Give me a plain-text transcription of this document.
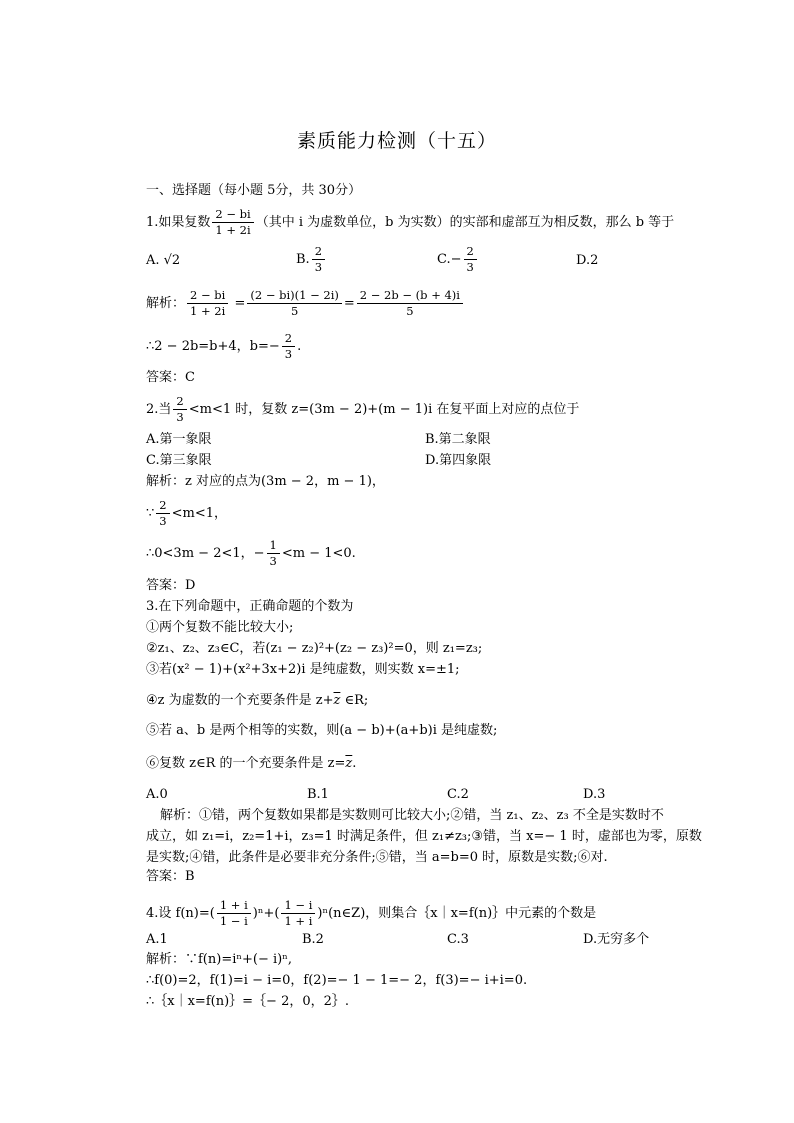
素质能力检测（十五）
一、选择题（每小题 5分，共 30分）
1.如果复数 $\frac{2 - bi}{1 + 2i}$ （其中 i 为虚数单位，b 为实数）的实部和虚部互为相反数，那么 b 等于
A. √2	B. $\frac{2}{3}$	$C.- \frac{2}{3}$	D.2
解析： $\frac{2 - bi}{1 + 2i} = \frac{(2 - bi)(1 - 2i)}{5} = \frac{2 - 2b - (b + 4)i}{5}$
∴2 − 2b=b+4，$b=- \frac{2}{3}$ .
答案：C
2.当 $\frac{2}{3} <m<1$ 时，复数 z=(3m − 2)+(m − 1)i 在复平面上对应的点位于
A.第一象限	B.第二象限
C.第三象限	D.第四象限
解析：z 对应的点为(3m − 2，m − 1)，
∵ $\frac{2}{3} <m<1$，
∴0<3m − 2<1，− $\frac{1}{3} <m - 1<0$.
答案：D
3.在下列命题中，正确命题的个数为
①两个复数不能比较大小;
②z₁、z₂、z₃∈C，若(z₁ − z₂)²+(z₂ − z₃)²=0，则 z₁=z₃;
③若(x² − 1)+(x²+3x+2)i 是纯虚数，则实数 x=±1;
④z 为虚数的一个充要条件是 $z+\overline{z}$ ∈R;
⑤若 a、b 是两个相等的实数，则(a − b)+(a+b)i 是纯虚数;
⑥复数 z∈R 的一个充要条件是 $z=\overline{z}$.
A.0	B.1	C.2	D.3
解析：①错，两个复数如果都是实数则可比较大小;②错，当 z₁、z₂、z₃ 不全是实数时不
成立，如 z₁=i，z₂=1+i，z₃=1 时满足条件，但 z₁≠z₃;③错，当 x=− 1 时，虚部也为零，原数
是实数;④错，此条件是必要非充分条件;⑤错，当 a=b=0 时，原数是实数;⑥对.
答案：B
4.设 $f(n)=( \frac{1 + i}{1 - i} )^n+( \frac{1 - i}{1 + i}$ )ⁿ(n∈Z)，则集合｛x｜x=f(n)｝中元素的个数是
A.1	B.2	C.3	D.无穷多个
解析：∵f(n)=iⁿ+(− i)ⁿ,
∴f(0)=2，f(1)=i − i=0，f(2)=− 1 − 1=− 2，f(3)=− i+i=0.
∴｛x｜x=f(n)｝=｛− 2，0，2｝.
